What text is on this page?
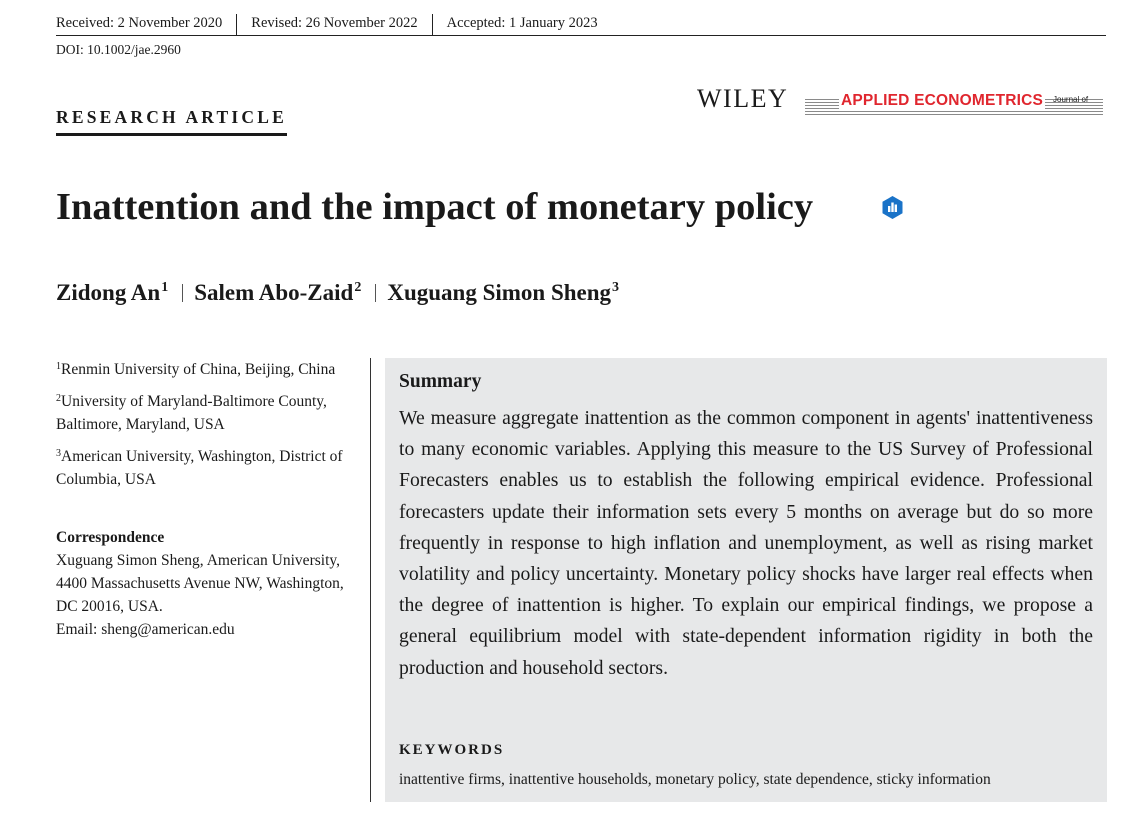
Received: 2 November 2020	Revised: 26 November 2022	Accepted: 1 January 2023
DOI: 10.1002/jae.2960
RESEARCH ARTICLE
WILEY	Journal of
APPLIED ECONOMETRICS
Inattention and the impact of monetary policy
Zidong An$^1$ Salem Abo-Zaid$^2$ Xuguang Simon Sheng$^3$

$^1$Renmin University of China, Beijing, China

$^2$University of Maryland-Baltimore County, Baltimore, Maryland, USA

$^3$American University, Washington, District of Columbia, USA

Correspondence
Xuguang Simon Sheng, American University, 4400 Massachusetts Avenue NW, Washington, DC 20016, USA.
Email: sheng@american.edu
Summary
We measure aggregate inattention as the common component in agents' inattentiveness to many economic variables. Applying this measure to the US Survey of Professional Forecasters enables us to establish the following empirical evidence. Professional forecasters update their information sets every 5 months on average but do so more frequently in response to high inflation and unemployment, as well as rising market volatility and policy uncertainty. Monetary policy shocks have larger real effects when the degree of inattention is higher. To explain our empirical findings, we propose a general equilibrium model with state-dependent information rigidity in both the production and household sectors.
KEYWORDS
inattentive firms, inattentive households, monetary policy, state dependence, sticky information
